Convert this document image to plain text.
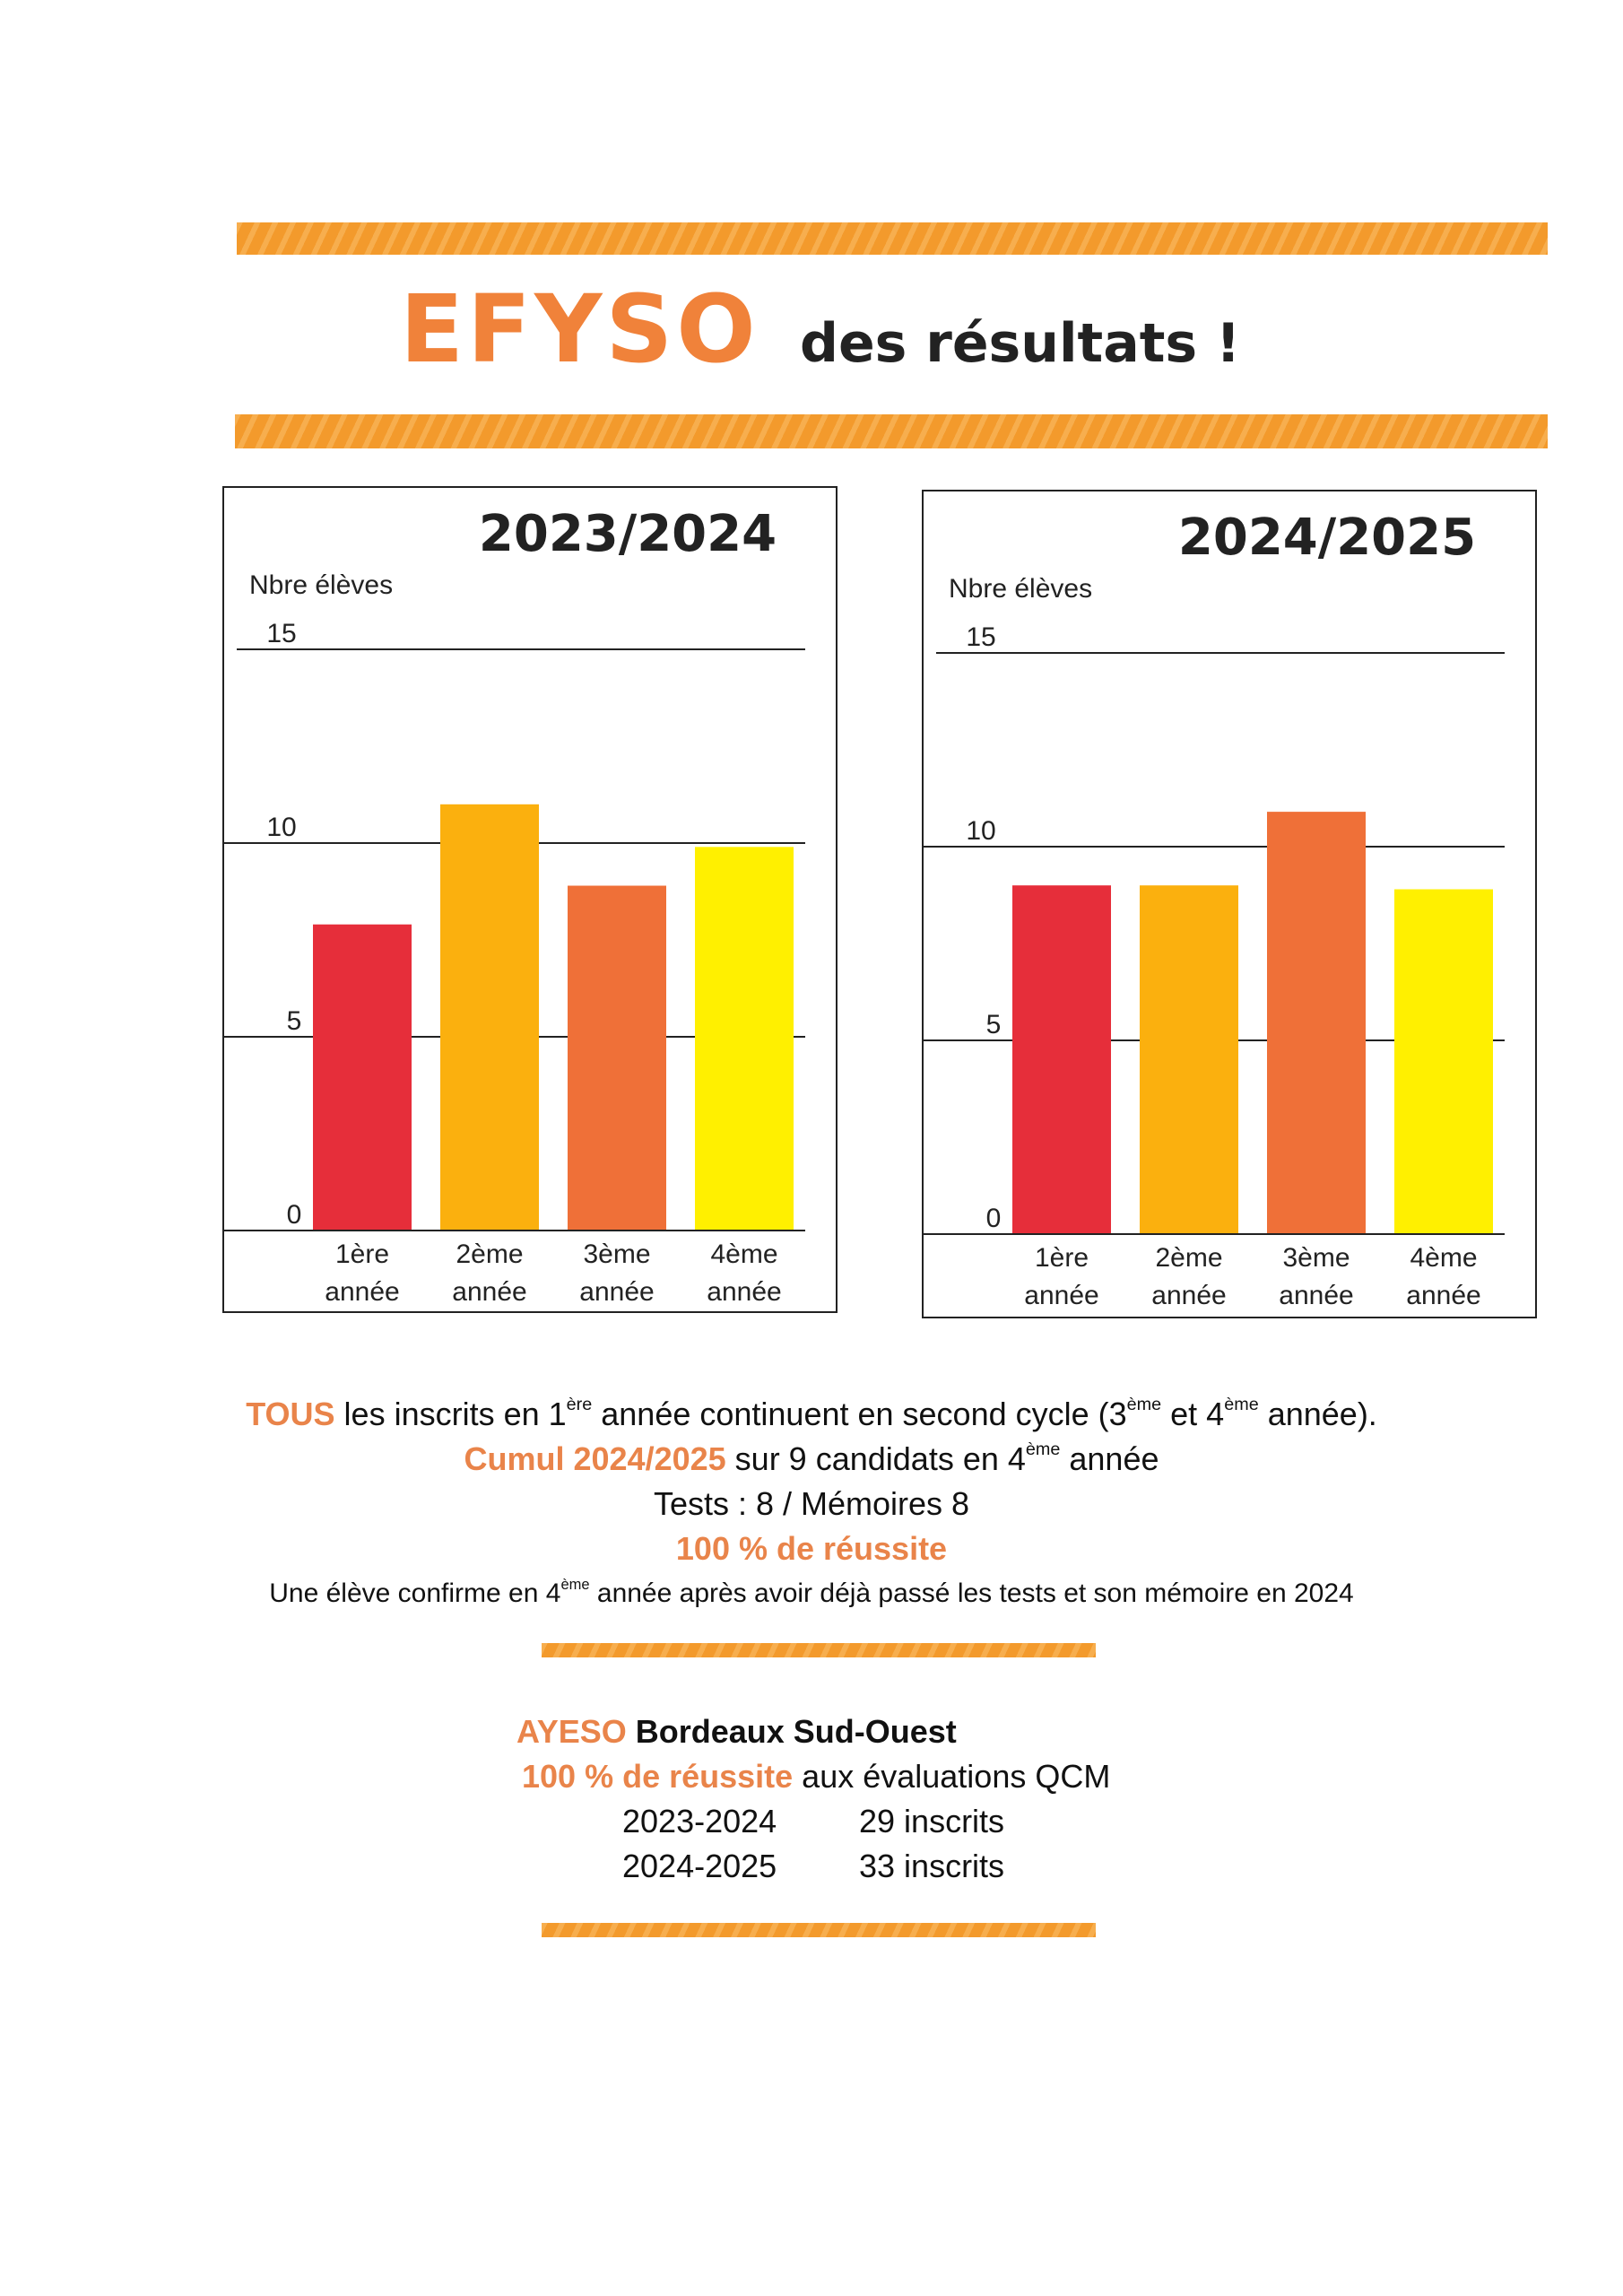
EFYSO des résultats !
2023/2024
Nbre élèves
0
5
10
15
1ère
année
2ème
année
3ème
année
4ème
année
2024/2025
Nbre élèves
0
5
10
15
1ère
année
2ème
année
3ème
année
4ème
année
TOUS les inscrits en 1ère année continuent en second cycle (3ème et 4ème année).
Cumul 2024/2025 sur 9 candidats en 4ème année
Tests : 8 / Mémoires 8
100 % de réussite
Une élève confirme en 4ème année après avoir déjà passé les tests et son mémoire en 2024
AYESO Bordeaux Sud-Ouest
100 % de réussite aux évaluations QCM
2023-2024	29 inscrits
2024-2025	33 inscrits
